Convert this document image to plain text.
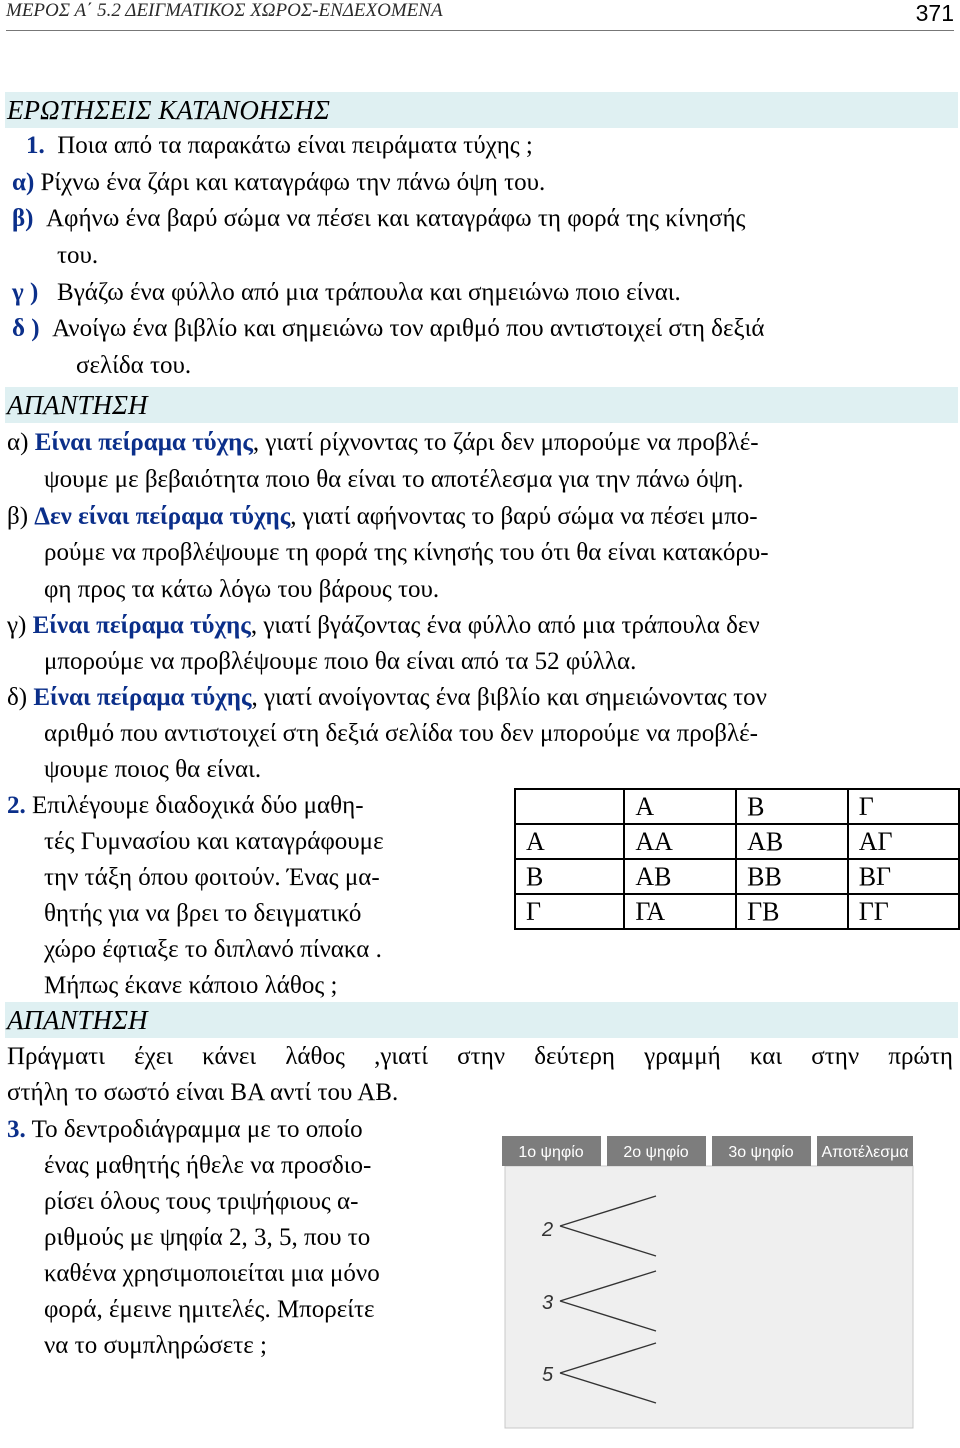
ΜΕΡΟΣ Α΄ 5.2 ΔΕΙΓΜΑΤΙΚΟΣ ΧΩΡΟΣ-ΕΝΔΕΧΟΜΕΝΑ	371
ΕΡΩΤΗΣΕΙΣ ΚΑΤΑΝΟΗΣΗΣ
1. Ποια από τα παρακάτω είναι πειράματα τύχης ;
α) Ρίχνω ένα ζάρι και καταγράφω την πάνω όψη του.
β) Αφήνω ένα βαρύ σώμα να πέσει και καταγράφω τη φορά της κίνησής
του.
γ ) Βγάζω ένα φύλλο από μια τράπουλα και σημειώνω ποιο είναι.
δ ) Ανοίγω ένα βιβλίο και σημειώνω τον αριθμό που αντιστοιχεί στη δεξιά
σελίδα του.
ΑΠΑΝΤΗΣΗ
α) Είναι πείραμα τύχης, γιατί ρίχνοντας το ζάρι δεν μπορούμε να προβλέ-
ψουμε με βεβαιότητα ποιο θα είναι το αποτέλεσμα για την πάνω όψη.
β) Δεν είναι πείραμα τύχης, γιατί αφήνοντας το βαρύ σώμα να πέσει μπο-
ρούμε να προβλέψουμε τη φορά της κίνησής του ότι θα είναι κατακόρυ-
φη προς τα κάτω λόγω του βάρους του.
γ) Είναι πείραμα τύχης, γιατί βγάζοντας ένα φύλλο από μια τράπουλα δεν
μπορούμε να προβλέψουμε ποιο θα είναι από τα 52 φύλλα.
δ) Είναι πείραμα τύχης, γιατί ανοίγοντας ένα βιβλίο και σημειώνοντας τον
αριθμό που αντιστοιχεί στη δεξιά σελίδα του δεν μπορούμε να προβλέ-
ψουμε ποιος θα είναι.
2. Επιλέγουμε διαδοχικά δύο μαθη-
τές Γυμνασίου και καταγράφουμε
την τάξη όπου φοιτούν. Ένας μα-
θητής για να βρει το δειγματικό
χώρο έφτιαξε το διπλανό πίνακα .
Μήπως έκανε κάποιο λάθος ;
	Α	Β	Γ
Α	ΑΑ	ΑΒ	ΑΓ
Β	ΑΒ	ΒΒ	ΒΓ
Γ	ΓΑ	ΓΒ	ΓΓ
ΑΠΑΝΤΗΣΗ
Πράγματι έχει κάνει λάθος ,γιατί στην δεύτερη γραμμή και στην πρώτη
στήλη το σωστό είναι ΒΑ αντί του ΑΒ.
3. Το δεντροδιάγραμμα με το οποίο
ένας μαθητής ήθελε να προσδιο-
ρίσει όλους τους τριψήφιους α-
ριθμούς με ψηφία 2, 3, 5, που το
καθένα χρησιμοποιείται μια μόνο
φορά, έμεινε ημιτελές. Μπορείτε
να το συμπληρώσετε ;
1ο ψηφίο 2ο ψηφίο 3ο ψηφίο Αποτέλεσμα
2
3
5
